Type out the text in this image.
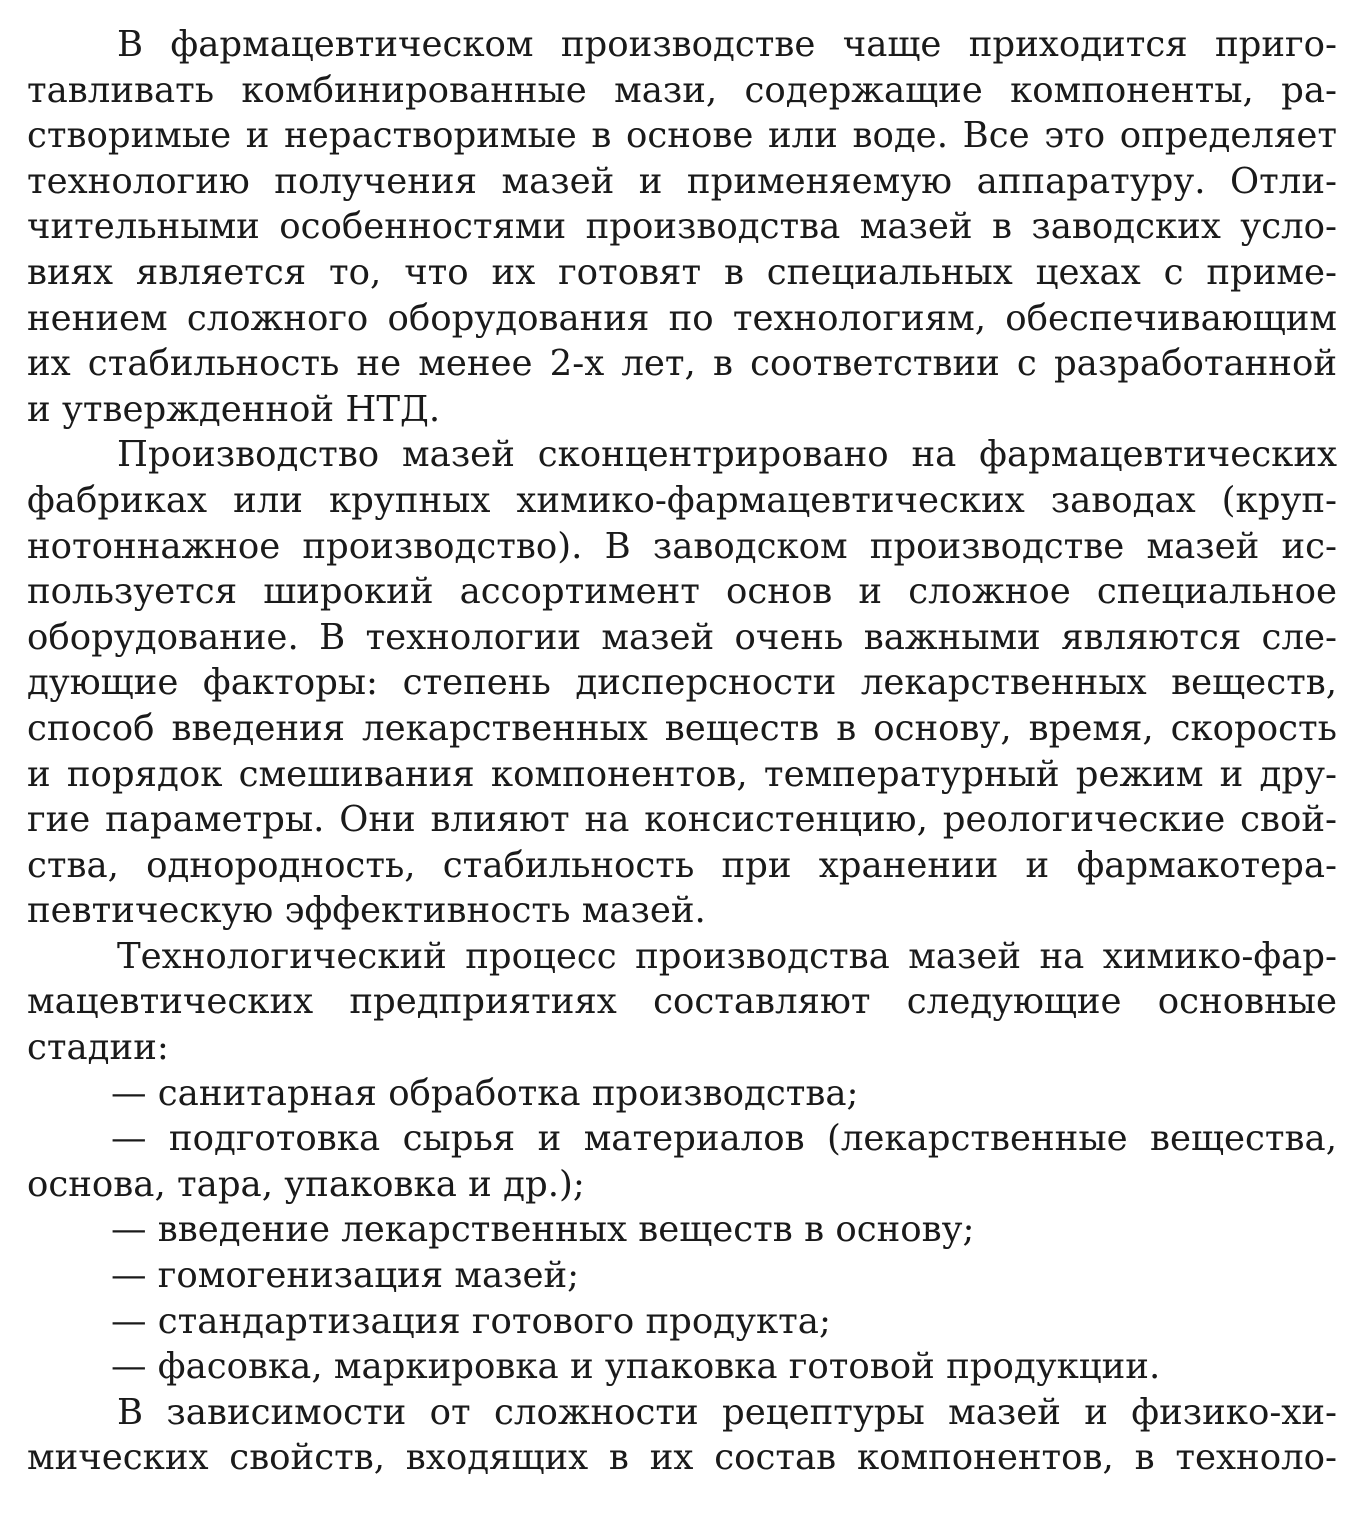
В фармацевтическом производстве чаще приходится приго-
тавливать комбинированные мази, содержащие компоненты, ра-
створимые и нерастворимые в основе или воде. Все это определяет
технологию получения мазей и применяемую аппаратуру. Отли-
чительными особенностями производства мазей в заводских усло-
виях является то, что их готовят в специальных цехах с приме-
нением сложного оборудования по технологиям, обеспечивающим
их стабильность не менее 2-х лет, в соответствии с разработанной
и утвержденной НТД.
Производство мазей сконцентрировано на фармацевтических
фабриках или крупных химико-фармацевтических заводах (круп-
нотоннажное производство). В заводском производстве мазей ис-
пользуется широкий ассортимент основ и сложное специальное
оборудование. В технологии мазей очень важными являются сле-
дующие факторы: степень дисперсности лекарственных веществ,
способ введения лекарственных веществ в основу, время, скорость
и порядок смешивания компонентов, температурный режим и дру-
гие параметры. Они влияют на консистенцию, реологические свой-
ства, однородность, стабильность при хранении и фармакотера-
певтическую эффективность мазей.
Технологический процесс производства мазей на химико-фар-
мацевтических предприятиях составляют следующие основные
стадии:
— санитарная обработка производства;
— подготовка сырья и материалов (лекарственные вещества,
основа, тара, упаковка и др.);
— введение лекарственных веществ в основу;
— гомогенизация мазей;
— стандартизация готового продукта;
— фасовка, маркировка и упаковка готовой продукции.
В зависимости от сложности рецептуры мазей и физико-хи-
мических свойств, входящих в их состав компонентов, в техноло-
